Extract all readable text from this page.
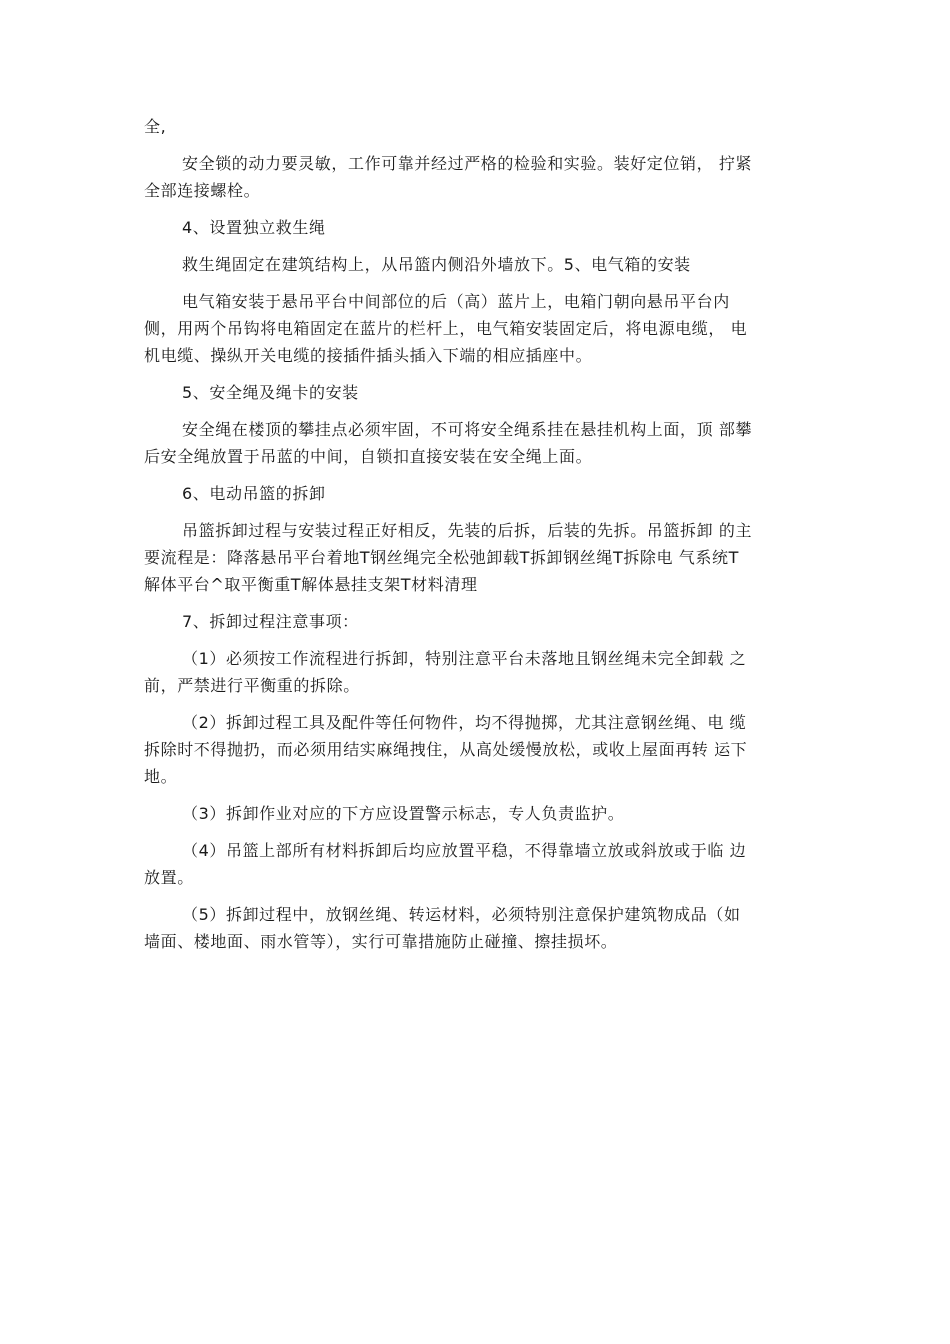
全,

安全锁的动力要灵敏，工作可靠并经过严格的检验和实验。装好定位销， 拧紧
全部连接螺栓。

4、设置独立救生绳

救生绳固定在建筑结构上，从吊篮内侧沿外墙放下。5、电气箱的安装

电气箱安装于悬吊平台中间部位的后（高）蓝片上，电箱门朝向悬吊平台内
侧，用两个吊钩将电箱固定在蓝片的栏杆上，电气箱安装固定后，将电源电缆， 电
机电缆、操纵开关电缆的接插件插头插入下端的相应插座中。

5、安全绳及绳卡的安装

安全绳在楼顶的攀挂点必须牢固，不可将安全绳系挂在悬挂机构上面，顶 部攀
后安全绳放置于吊蓝的中间，自锁扣直接安装在安全绳上面。

6、电动吊篮的拆卸

吊篮拆卸过程与安装过程正好相反，先装的后拆，后装的先拆。吊篮拆卸 的主
要流程是：降落悬吊平台着地T钢丝绳完全松弛卸载T拆卸钢丝绳T拆除电 气系统T
解体平台^取平衡重T解体悬挂支架T材料清理

7、拆卸过程注意事项：

（1）必须按工作流程进行拆卸，特别注意平台未落地且钢丝绳未完全卸载 之
前，严禁进行平衡重的拆除。

（2）拆卸过程工具及配件等任何物件，均不得抛掷，尤其注意钢丝绳、电 缆
拆除时不得抛扔，而必须用结实麻绳拽住，从高处缓慢放松，或收上屋面再转 运下
地。

（3）拆卸作业对应的下方应设置警示标志，专人负责监护。

（4）吊篮上部所有材料拆卸后均应放置平稳，不得靠墙立放或斜放或于临 边
放置。

（5）拆卸过程中，放钢丝绳、转运材料，必须特别注意保护建筑物成品（如
墙面、楼地面、雨水管等），实行可靠措施防止碰撞、擦挂损坏。
